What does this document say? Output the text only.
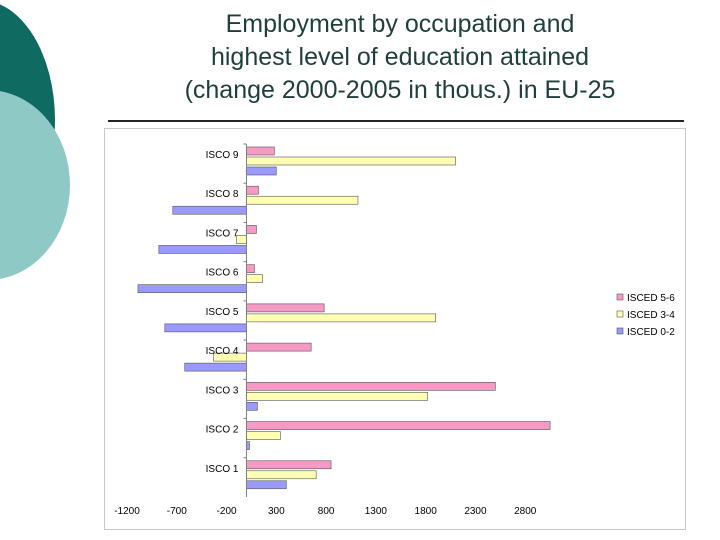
Employment by occupation and
highest level of education attained
(change 2000-2005 in thous.) in EU-25
ISCO 9
ISCO 8
ISCO 7
ISCO 6
ISCO 5
ISCO 4
ISCO 3
ISCO 2
ISCO 1
-1200	-700	-200	300	800	1300	1800	2300	2800
ISCED 5-6
ISCED 3-4
ISCED 0-2
